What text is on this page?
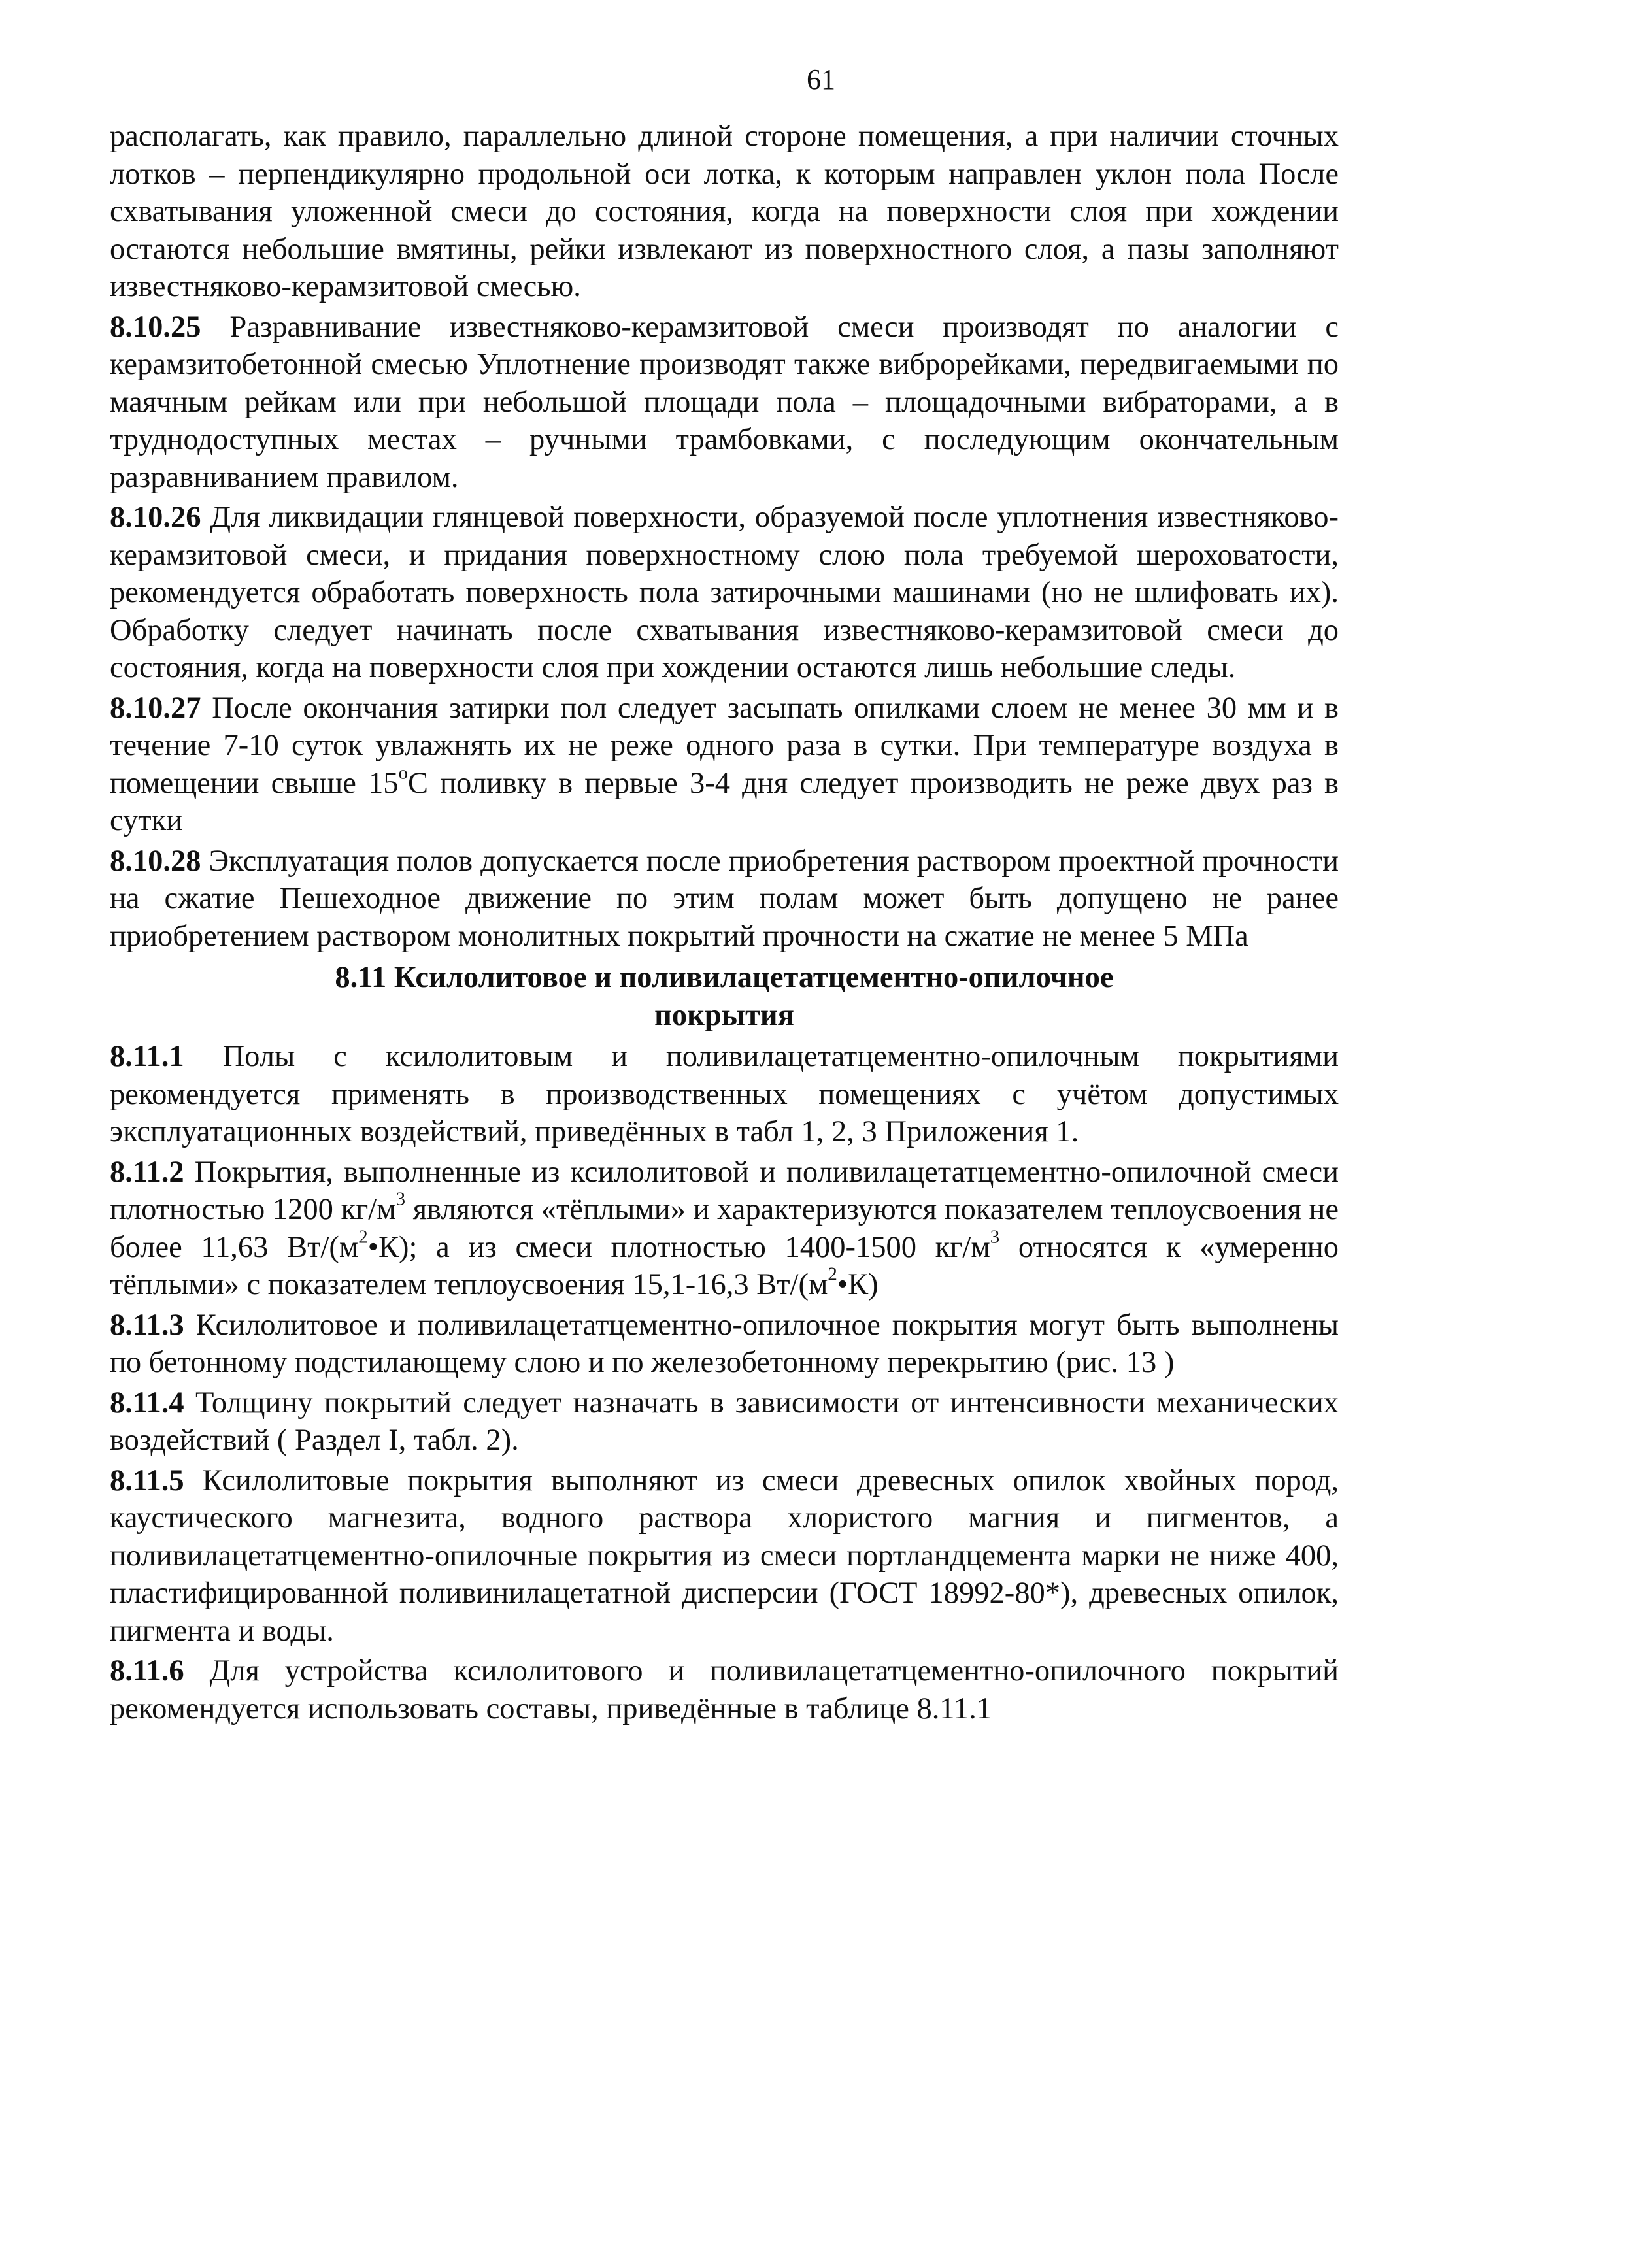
61

располагать, как правило, параллельно длиной стороне помещения, а при наличии сточных лотков – перпендикулярно продольной оси лотка, к которым направлен уклон пола После схватывания уложенной смеси до состояния, когда на поверхности слоя при хождении остаются небольшие вмятины, рейки извлекают из поверхностного слоя, а пазы заполняют известняково-керамзитовой смесью.

8.10.25 Разравнивание известняково-керамзитовой смеси производят по аналогии с керамзитобетонной смесью Уплотнение производят также виброрейками, передвигаемыми по маячным рейкам или при небольшой площади пола – площадочными вибраторами, а в труднодоступных местах – ручными трамбовками, с последующим окончательным разравниванием правилом.

8.10.26 Для ликвидации глянцевой поверхности, образуемой после уплотнения известняково-керамзитовой смеси, и придания поверхностному слою пола требуемой шероховатости, рекомендуется обработать поверхность пола затирочными машинами (но не шлифовать их). Обработку следует начинать после схватывания известняково-керамзитовой смеси до состояния, когда на поверхности слоя при хождении остаются лишь небольшие следы.

8.10.27 После окончания затирки пол следует засыпать опилками слоем не менее 30 мм и в течение 7-10 суток увлажнять их не реже одного раза в сутки. При температуре воздуха в помещении свыше 15$^o$С поливку в первые 3-4 дня следует производить не реже двух раз в сутки

8.10.28 Эксплуатация полов допускается после приобретения раствором проектной прочности на сжатие Пешеходное движение по этим полам может быть допущено не ранее приобретением раствором монолитных покрытий прочности на сжатие не менее 5 МПа

8.11 Ксилолитовое и поливилацетатцементно-опилочное
покрытия

8.11.1 Полы с ксилолитовым и поливилацетатцементно-опилочным покрытиями рекомендуется применять в производственных помещениях с учётом допустимых эксплуатационных воздействий, приведённых в табл 1, 2, 3 Приложения 1.

8.11.2 Покрытия, выполненные из ксилолитовой и поливилацетатцементно-опилочной смеси плотностью 1200 $кг/м^3$ являются «тёплыми» и характеризуются показателем теплоусвоения не более 11,63 $Вт/(м^2•К)$; а из смеси плотностью 1400-1500 $кг/м^3$ относятся к «умеренно тёплыми» с показателем теплоусвоения 15,1-16,3 $Вт/(м^2•К)$

8.11.3 Ксилолитовое и поливилацетатцементно-опилочное покрытия могут быть выполнены по бетонному подстилающему слою и по железобетонному перекрытию (рис. 13 )

8.11.4 Толщину покрытий следует назначать в зависимости от интенсивности механических воздействий ( Раздел I, табл. 2).

8.11.5 Ксилолитовые покрытия выполняют из смеси древесных опилок хвойных пород, каустического магнезита, водного раствора хлористого магния и пигментов, а поливилацетатцементно-опилочные покрытия из смеси портландцемента марки не ниже 400, пластифицированной поливинилацетатной дисперсии (ГОСТ 18992-80*), древесных опилок, пигмента и воды.

8.11.6 Для устройства ксилолитового и поливилацетатцементно-опилочного покрытий рекомендуется использовать составы, приведённые в таблице 8.11.1
